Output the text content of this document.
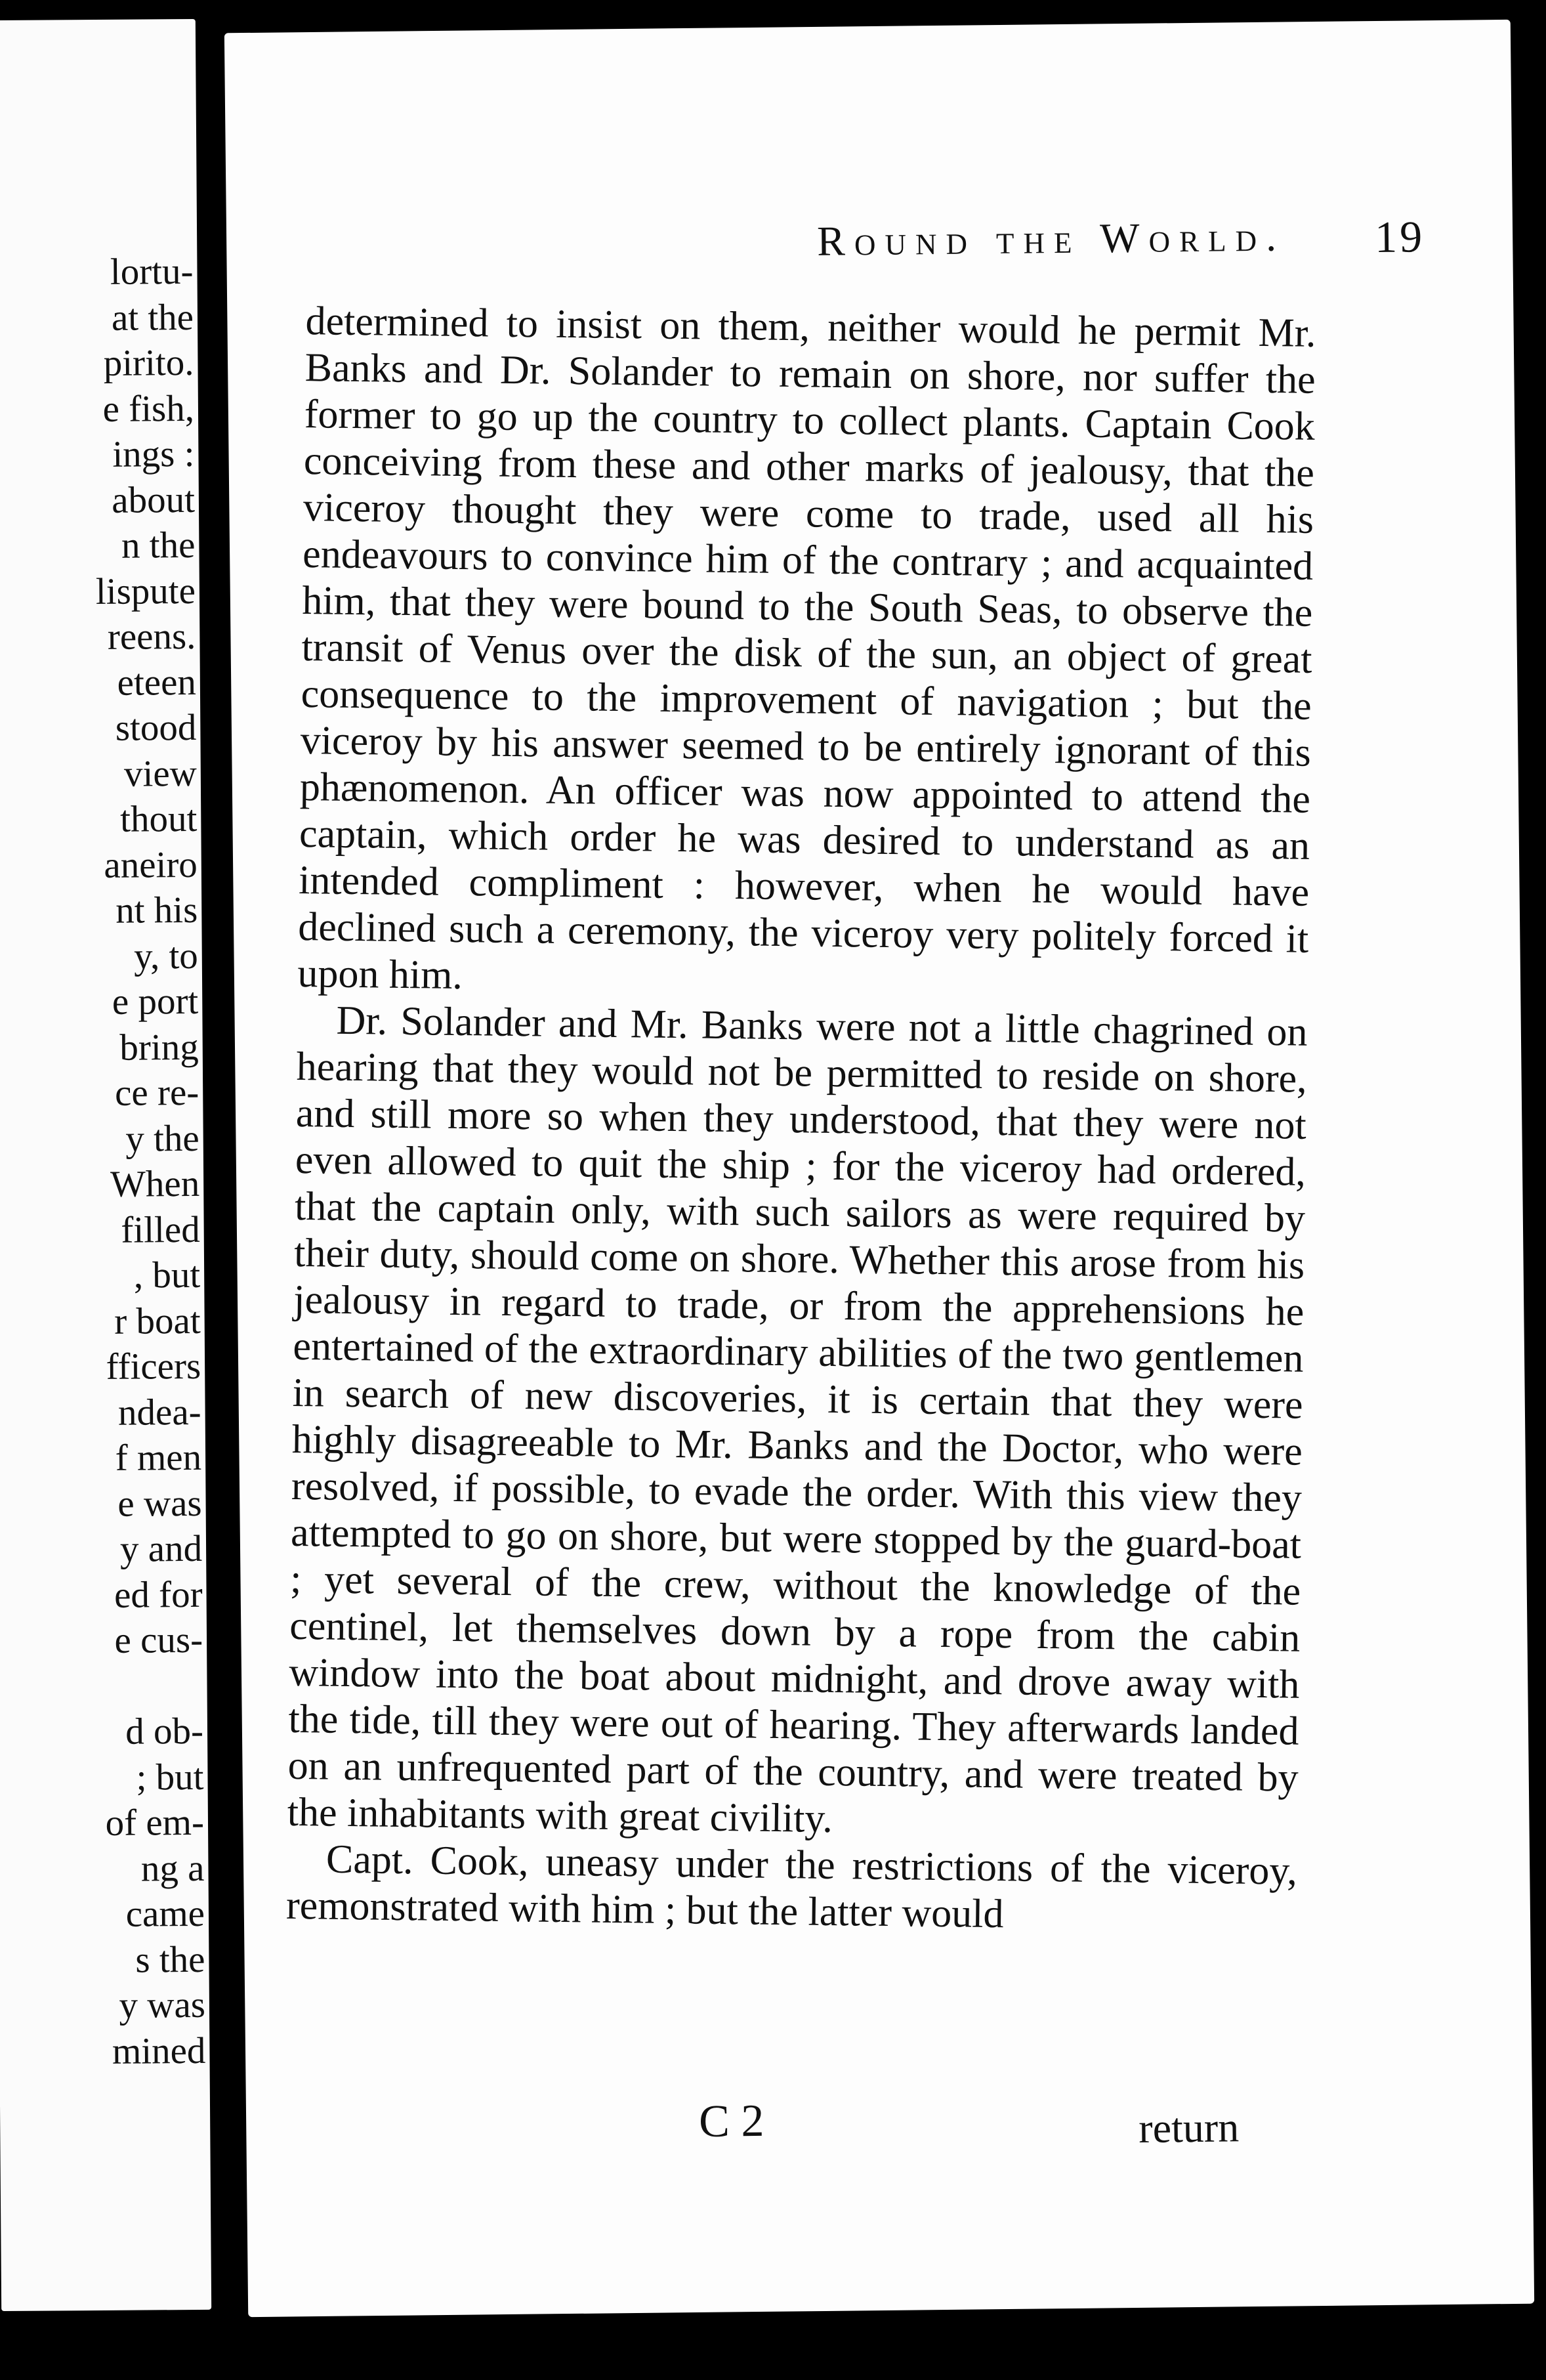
lortu-
at the
pirito.
e fish,
ings :
about
n the
lispute
reens.
eteen
stood
view
thout
aneiro
nt his
y, to
e port
bring
ce re-
y the
When
filled
, but
r boat
fficers
ndea-
f men
e was
y and
ed for
e cus-

d ob-
; but
of em-
ng a
came
s the
y was
mined
Round the World. 19

determined to insist on them, neither would he permit Mr. Banks and Dr. Solander to remain on shore, nor suffer the former to go up the country to collect plants. Captain Cook conceiving from these and other marks of jealousy, that the viceroy thought they were come to trade, used all his endeavours to convince him of the contrary ; and acquainted him, that they were bound to the South Seas, to observe the transit of Venus over the disk of the sun, an object of great consequence to the improvement of navigation ; but the viceroy by his answer seemed to be entirely ignorant of this phænomenon. An officer was now appointed to attend the captain, which order he was desired to understand as an intended compliment : however, when he would have declined such a ceremony, the viceroy very politely forced it upon him.

Dr. Solander and Mr. Banks were not a little chagrined on hearing that they would not be permitted to reside on shore, and still more so when they understood, that they were not even allowed to quit the ship ; for the viceroy had ordered, that the captain only, with such sailors as were required by their duty, should come on shore. Whether this arose from his jealousy in regard to trade, or from the apprehensions he entertained of the extraordinary abilities of the two gentlemen in search of new discoveries, it is certain that they were highly disagreeable to Mr. Banks and the Doctor, who were resolved, if possible, to evade the order. With this view they attempted to go on shore, but were stopped by the guard-boat ; yet several of the crew, without the knowledge of the centinel, let themselves down by a rope from the cabin window into the boat about midnight, and drove away with the tide, till they were out of hearing. They afterwards landed on an unfrequented part of the country, and were treated by the inhabitants with great civility.

Capt. Cook, uneasy under the restrictions of the viceroy, remonstrated with him ; but the latter would

C 2	return
